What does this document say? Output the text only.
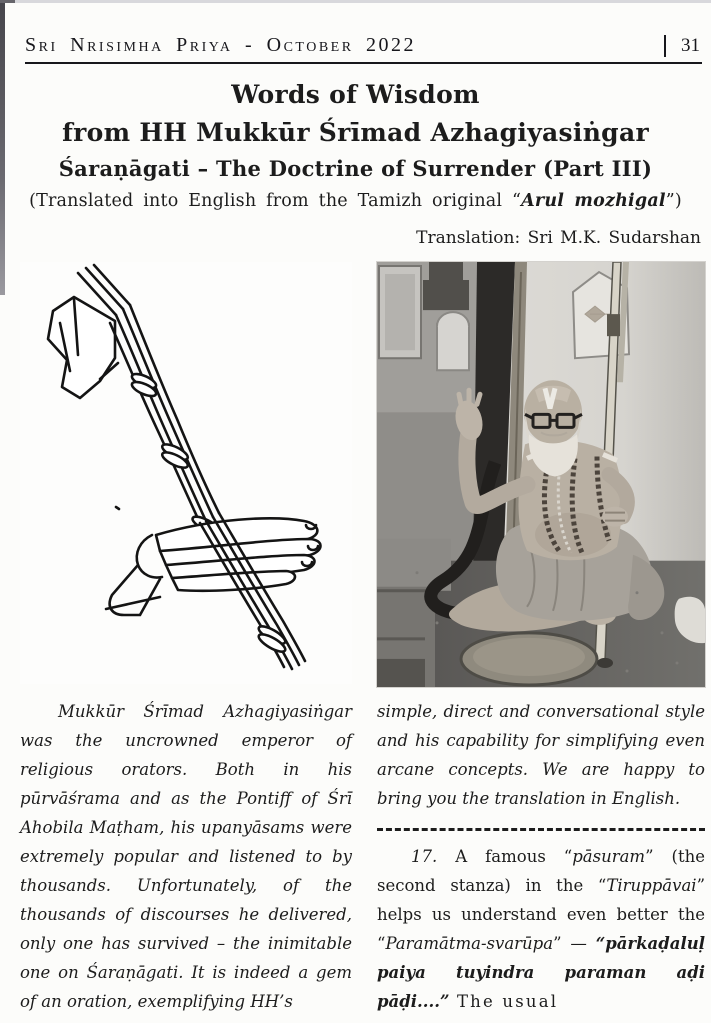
Sri Nrisimha Priya - October 2022	31
Words of Wisdom
from HH Mukkūr Śrīmad Azhagiyasiṅgar
Śaraṇāgati – The Doctrine of Surrender (Part III)

(Translated into English from the Tamizh original “Arul mozhigal”)

Translation: Sri M.K. Sudarshan

Mukkūr Śrīmad Azhagiyasiṅgar was the uncrowned emperor of religious orators. Both in his pūrvāśrama and as the Pontiff of Śrī Ahobila Maṭham, his upanyāsams were extremely popular and listened to by thousands. Unfortunately, of the thousands of discourses he delivered, only one has survived – the inimitable one on Śaraṇāgati. It is indeed a gem of an oration, exemplifying HH’s

simple, direct and conversational style and his capability for simplifying even arcane concepts. We are happy to bring you the translation in English.

17. A famous “pāsuram” (the second stanza) in the “Tiruppāvai” helps us understand even better the “Paramātma-svarūpa” — “pārkaḍaluḷ paiya tuyindra paraman aḍi pāḍi....” The usual
